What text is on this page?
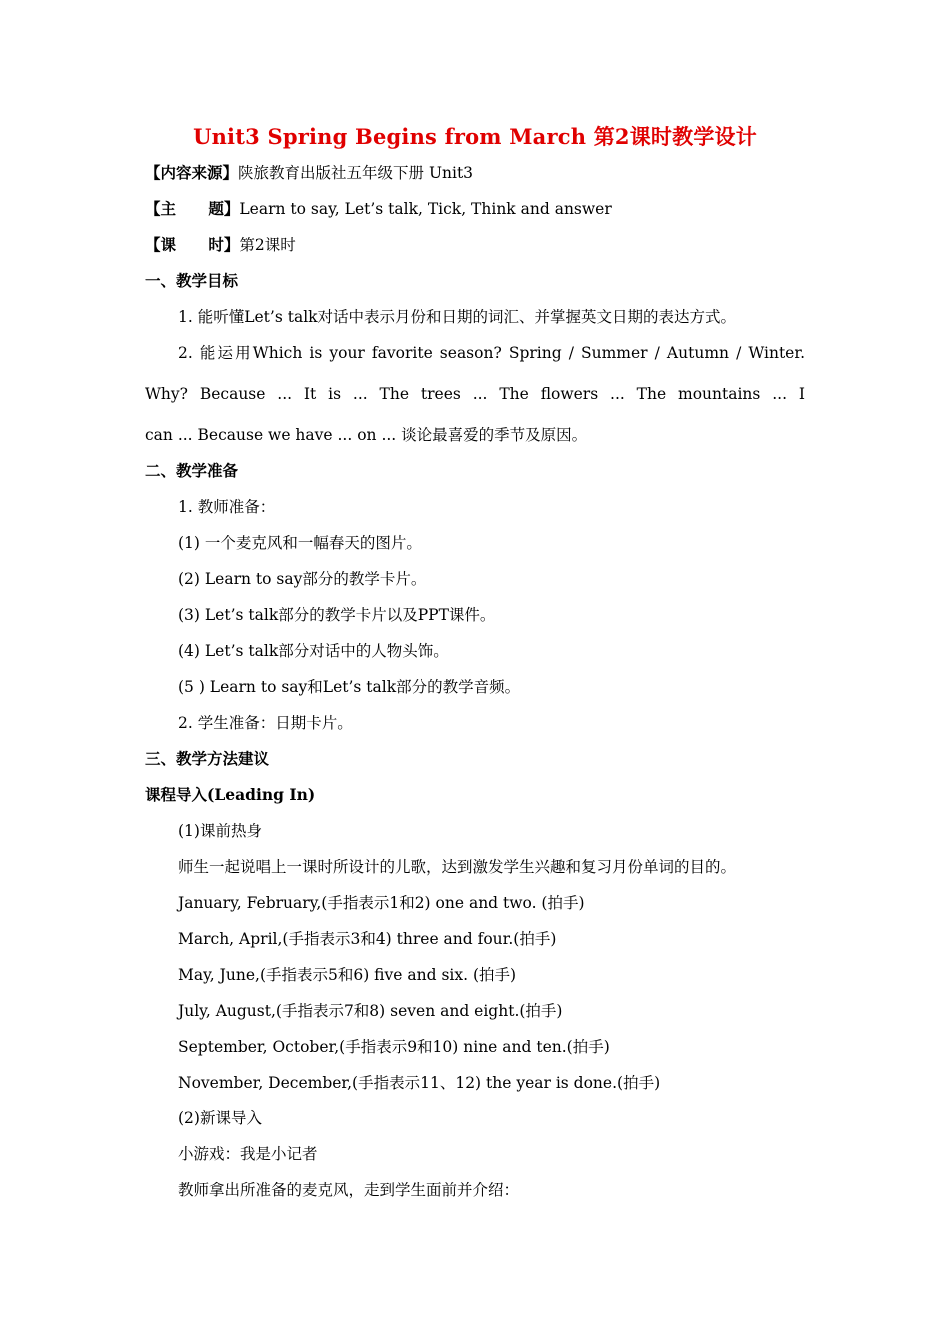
Unit3 Spring Begins from March 第2课时教学设计
【内容来源】陕旅教育出版社五年级下册 Unit3
【主      题】Learn to say, Let’s talk, Tick, Think and answer
【课      时】第2课时
一、教学目标
1. 能听懂Let’s talk对话中表示月份和日期的词汇、并掌握英文日期的表达方式。
2. 能运用Which is your favorite season? Spring / Summer / Autumn / Winter.
Why? Because ... It is ... The trees ... The flowers ... The mountains ... I
can ... Because we have ... on ... 谈论最喜爱的季节及原因。
二、教学准备
1. 教师准备：
(1) 一个麦克风和一幅春天的图片。
(2) Learn to say部分的教学卡片。
(3) Let’s talk部分的教学卡片以及PPT课件。
(4) Let’s talk部分对话中的人物头饰。
(5 ) Learn to say和Let’s talk部分的教学音频。
2. 学生准备：日期卡片。
三、教学方法建议
课程导入(Leading In)
(1)课前热身
师生一起说唱上一课时所设计的儿歌，达到激发学生兴趣和复习月份单词的目的。
January, February,(手指表示1和2) one and two. (拍手)
March, April,(手指表示3和4) three and four.(拍手)
May, June,(手指表示5和6) five and six. (拍手)
July, August,(手指表示7和8) seven and eight.(拍手)
September, October,(手指表示9和10) nine and ten.(拍手)
November, December,(手指表示11、12) the year is done.(拍手)
(2)新课导入
小游戏：我是小记者
教师拿出所准备的麦克风，走到学生面前并介绍：
